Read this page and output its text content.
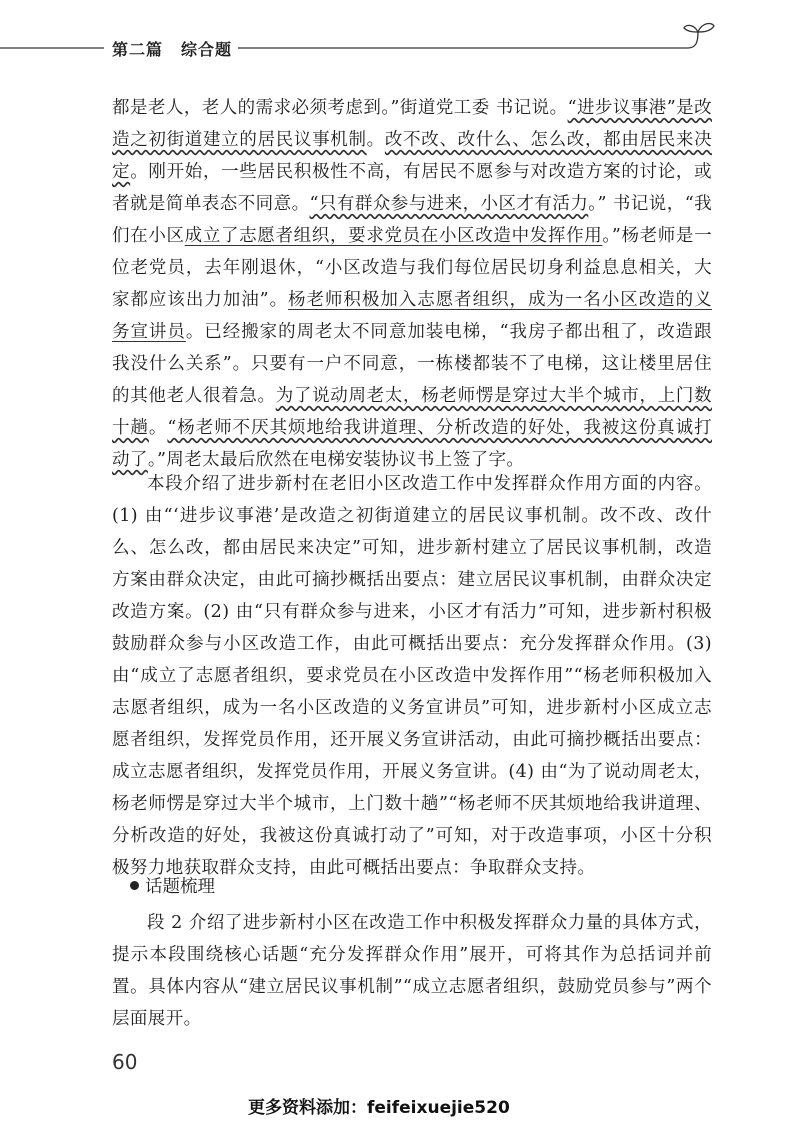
第二篇 综合题
都是老人，老人的需求必须考虑到。”街道党工委 书记说。“进步议事港”是改造之初街道建立的居民议事机制。改不改、改什么、怎么改，都由居民来决定。刚开始，一些居民积极性不高，有居民不愿参与对改造方案的讨论，或者就是简单表态不同意。“只有群众参与进来，小区才有活力。” 书记说，“我们在小区成立了志愿者组织，要求党员在小区改造中发挥作用。”杨老师是一位老党员，去年刚退休，“小区改造与我们每位居民切身利益息息相关，大家都应该出力加油”。杨老师积极加入志愿者组织，成为一名小区改造的义务宣讲员。已经搬家的周老太不同意加装电梯，“我房子都出租了，改造跟我没什么关系”。只要有一户不同意，一栋楼都装不了电梯，这让楼里居住的其他老人很着急。为了说动周老太，杨老师愣是穿过大半个城市，上门数十趟。“杨老师不厌其烦地给我讲道理、分析改造的好处，我被这份真诚打动了。”周老太最后欣然在电梯安装协议书上签了字。
本段介绍了进步新村在老旧小区改造工作中发挥群众作用方面的内容。(1) 由“‘进步议事港’是改造之初街道建立的居民议事机制。改不改、改什么、怎么改，都由居民来决定”可知，进步新村建立了居民议事机制，改造方案由群众决定，由此可摘抄概括出要点：建立居民议事机制，由群众决定改造方案。(2) 由“只有群众参与进来，小区才有活力”可知，进步新村积极鼓励群众参与小区改造工作，由此可概括出要点：充分发挥群众作用。(3) 由“成立了志愿者组织，要求党员在小区改造中发挥作用”“杨老师积极加入志愿者组织，成为一名小区改造的义务宣讲员”可知，进步新村小区成立志愿者组织，发挥党员作用，还开展义务宣讲活动，由此可摘抄概括出要点：成立志愿者组织，发挥党员作用，开展义务宣讲。(4) 由“为了说动周老太，杨老师愣是穿过大半个城市，上门数十趟”“杨老师不厌其烦地给我讲道理、分析改造的好处，我被这份真诚打动了”可知，对于改造事项，小区十分积极努力地获取群众支持，由此可概括出要点：争取群众支持。
话题梳理
段 2 介绍了进步新村小区在改造工作中积极发挥群众力量的具体方式，提示本段围绕核心话题“充分发挥群众作用”展开，可将其作为总括词并前置。具体内容从“建立居民议事机制”“成立志愿者组织，鼓励党员参与”两个层面展开。
60
更多资料添加：feifeixuejie520
